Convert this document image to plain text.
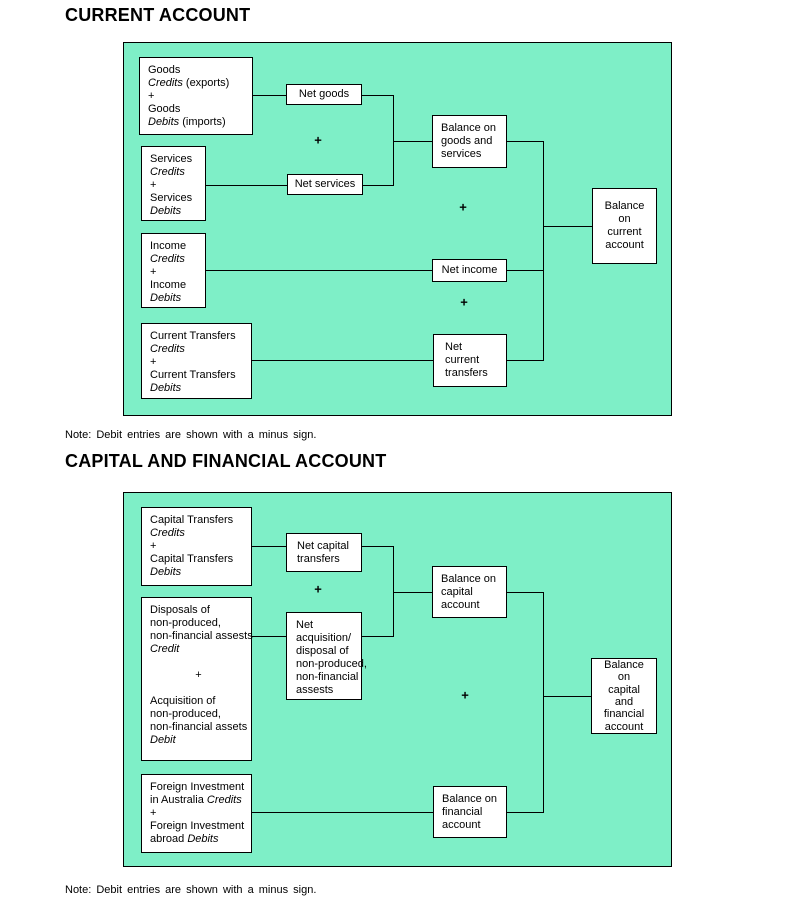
CURRENT ACCOUNT
+
+
+
Goods
Credits (exports)
+
Goods
Debits (imports)
Net goods
Services
Credits
+
Services
Debits
Net services
Income
Credits
+
Income
Debits
Balance on
goods and
services
Net income
Current Transfers
Credits
+
Current Transfers
Debits
Net
current
transfers
Balance
on
current
account
Note: Debit entries are shown with a minus sign.
CAPITAL AND FINANCIAL ACCOUNT
+
+
Capital Transfers
Credits
+
Capital Transfers
Debits
Net capital
transfers
Disposals of
non-produced,
non-financial assests
Credit

+

Acquisition of
non-produced,
non-financial assets
Debit
Net
acquisition/
disposal of
non-produced,
non-financial
assests
Balance on
capital
account
Foreign Investment
in Australia Credits
+
Foreign Investment
abroad Debits
Balance on
financial
account
Balance
on
capital
and
financial
account
Note: Debit entries are shown with a minus sign.
